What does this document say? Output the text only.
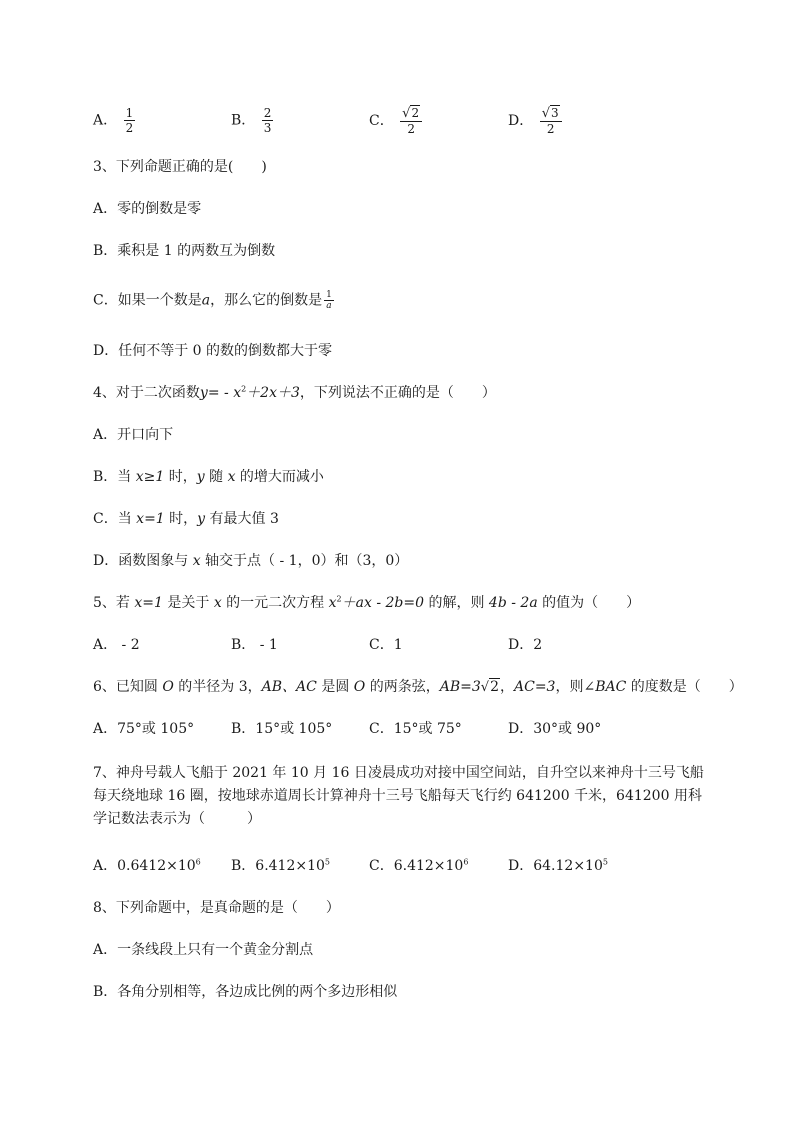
A． $\frac{1}{2}$	B． $\frac{2}{3}$	C． $\frac{√2}{2}$	D． $\frac{√3}{2}$
3、下列命题正确的是(　　)
A．零的倒数是零
B．乘积是 1 的两数互为倒数
C．如果一个数是a，那么它的倒数是 $\frac{1}{a}$
D．任何不等于 0 的数的倒数都大于零
4、对于二次函数$y= - x^2+2x+3$，下列说法不正确的是（　　）
A．开口向下
B．当 x≥1 时，y 随 x 的增大而减小
C．当 x=1 时，y 有最大值 3
D．函数图象与 x 轴交于点（ - 1，0）和（3，0）
5、若 x=1 是关于 x 的一元二次方程 $x^2+ax - 2b=0$ 的解，则 4b - 2a 的值为（　　）
A． - 2	B． - 1	C．1	D．2
6、已知圆 O 的半径为 3，AB、AC 是圆 O 的两条弦，AB=3√2，AC=3，则∠BAC 的度数是（　　）
A．75°或 105°	B．15°或 105°	C．15°或 75°	D．30°或 90°
7、神舟号载人飞船于 2021 年 10 月 16 日凌晨成功对接中国空间站，自升空以来神舟十三号飞船每天绕地球 16 圈，按地球赤道周长计算神舟十三号飞船每天飞行约 641200 千米，641200 用科学记数法表示为（　　　）
A．$0.6412\times 10^6$ B．$6.412\times 10^5$	C．$6.412\times 10^6$	D．$64.12\times 10^5$
8、下列命题中，是真命题的是（　　）
A．一条线段上只有一个黄金分割点
B．各角分别相等，各边成比例的两个多边形相似
